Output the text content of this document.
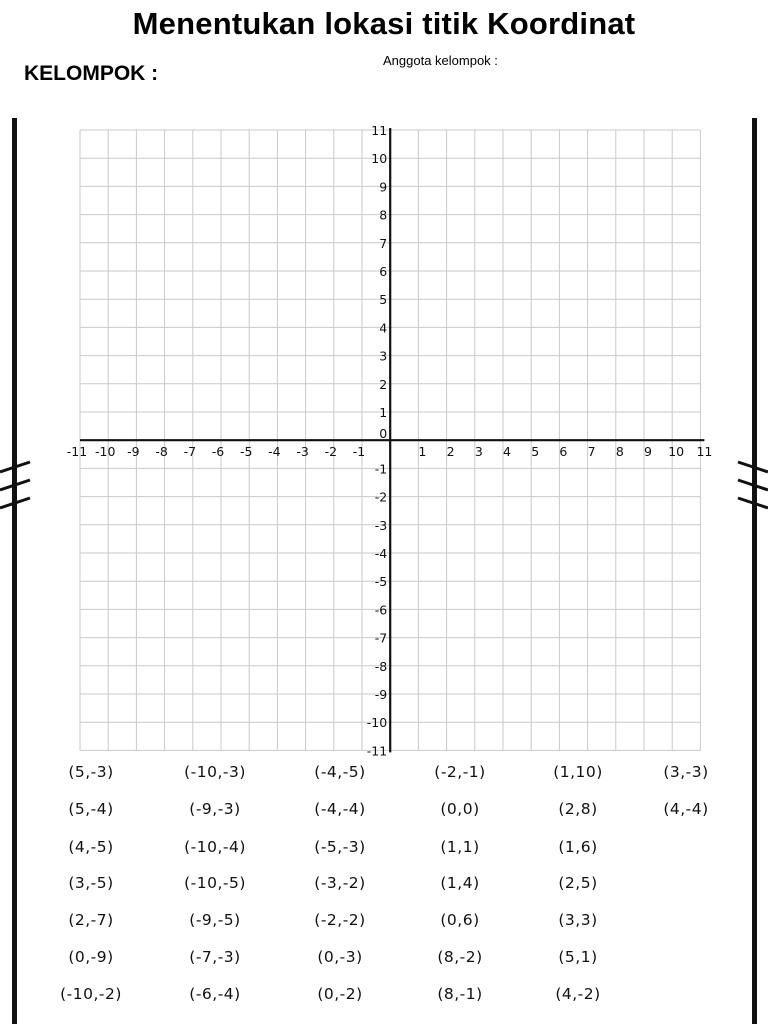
Menentukan lokasi titik Koordinat
KELOMPOK :
Anggota kelompok :
-11 -10 -9 -8 -7 -6 -5 -4 -3 -2 -1	1 2 3 4 5 6 7 8 9 10 11
11
10
9
8
7
6
5
4
3
2
1
-1
-2
-3
-4
-5
-6
-7
-8
-9
-10
-11
0
(5,-3)
(5,-4)
(4,-5)
(3,-5)
(2,-7)
(0,-9)
(-10,-2)
(-10,-3)
(-9,-3)
(-10,-4)
(-10,-5)
(-9,-5)
(-7,-3)
(-6,-4)
(-4,-5)
(-4,-4)
(-5,-3)
(-3,-2)
(-2,-2)
(0,-3)
(0,-2)
(-2,-1)
(0,0)
(1,1)
(1,4)
(0,6)
(8,-2)
(8,-1)
(1,10)
(2,8)
(1,6)
(2,5)
(3,3)
(5,1)
(4,-2)
(3,-3)
(4,-4)
